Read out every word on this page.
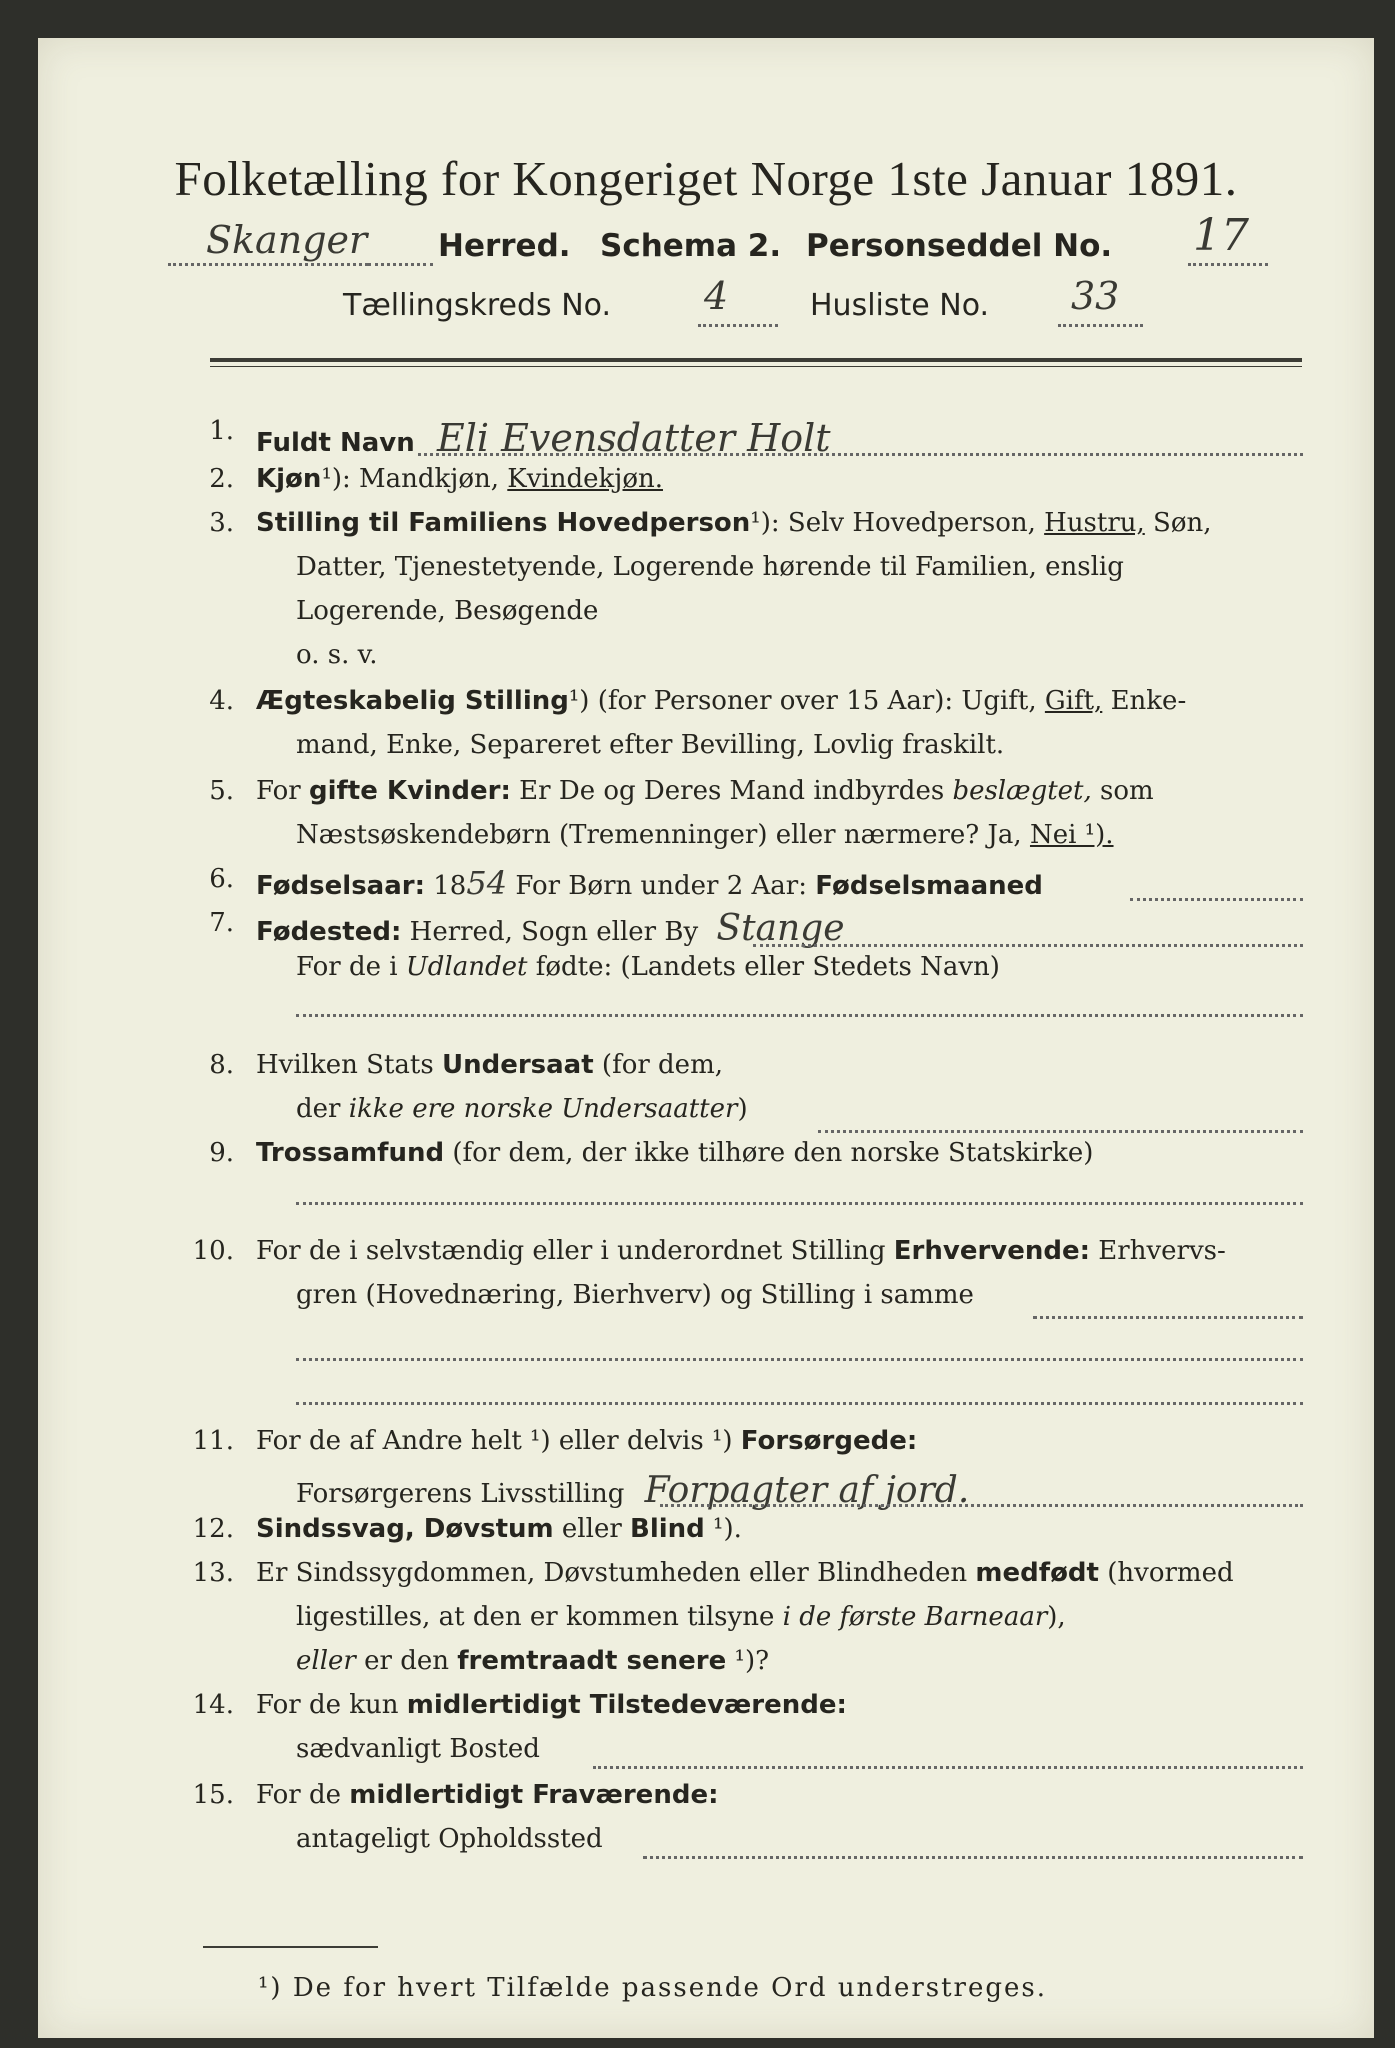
Folketælling for Kongeriget Norge 1ste Januar 1891.
Skanger Herred. Schema 2. Personseddel No. 17
Tællingskreds No. 4	Husliste No. 33
1. Fuldt Navn Eli Evensdatter Holt
2. Kjøn¹): Mandkjøn, Kvindekjøn.
3. Stilling til Familiens Hovedperson¹): Selv Hovedperson, Hustru, Søn,
Datter, Tjenestetyende, Logerende hørende til Familien, enslig
Logerende, Besøgende
o. s. v.
4. Ægteskabelig Stilling¹) (for Personer over 15 Aar): Ugift, Gift, Enke-
mand, Enke, Separeret efter Bevilling, Lovlig fraskilt.
5. For gifte Kvinder: Er De og Deres Mand indbyrdes beslægtet, som
Næstsøskendebørn (Tremenninger) eller nærmere? Ja, Nei ¹).
6. Fødselsaar: 1854 For Børn under 2 Aar: Fødselsmaaned
7. Fødested: Herred, Sogn eller By Stange
For de i Udlandet fødte: (Landets eller Stedets Navn)
8. Hvilken Stats Undersaat (for dem,
der ikke ere norske Undersaatter)
9. Trossamfund (for dem, der ikke tilhøre den norske Statskirke)
10. For de i selvstændig eller i underordnet Stilling Erhvervende: Erhvervs-
gren (Hovednæring, Bierhverv) og Stilling i samme
11. For de af Andre helt ¹) eller delvis ¹) Forsørgede:
Forsørgerens Livsstilling Forpagter af jord.
12. Sindssvag, Døvstum eller Blind ¹).
13. Er Sindssygdommen, Døvstumheden eller Blindheden medfødt (hvormed
ligestilles, at den er kommen tilsyne i de første Barneaar),
eller er den fremtraadt senere ¹)?
14. For de kun midlertidigt Tilstedeværende:
sædvanligt Bosted
15. For de midlertidigt Fraværende:
antageligt Opholdssted
¹) De for hvert Tilfælde passende Ord understreges.
